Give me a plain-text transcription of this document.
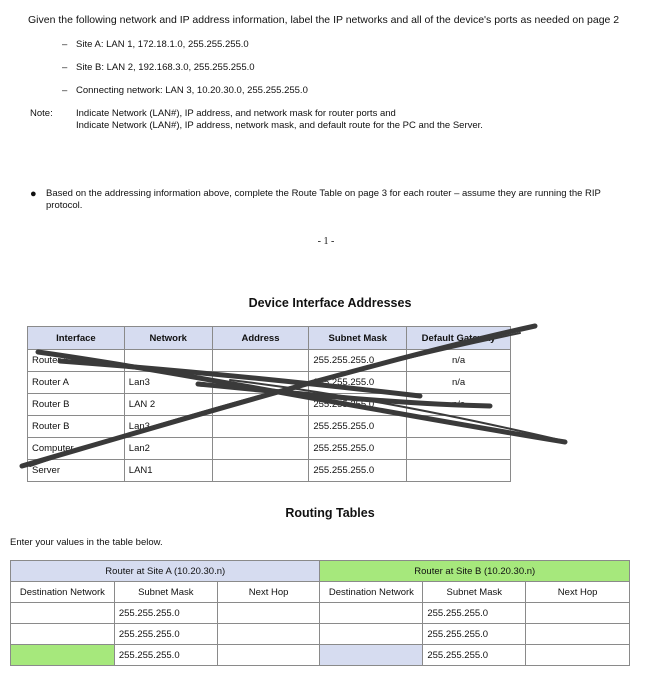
Given the following network and IP address information, label the IP networks and all of the device's ports as needed on page 2
– Site A: LAN 1, 172.18.1.0, 255.255.255.0
– Site B: LAN 2, 192.168.3.0, 255.255.255.0
– Connecting network: LAN 3, 10.20.30.0, 255.255.255.0
Note: Indicate Network (LAN#), IP address, and network mask for router ports and
Indicate Network (LAN#), IP address, network mask, and default route for the PC and the Server.
● Based on the addressing information above, complete the Route Table on page 3 for each router – assume they are running the RIP protocol.
- 1 -
Device Interface Addresses
Interface	Network	Address	Subnet Mask	Default Gateway
Router A			255.255.255.0	n/a
Router A	Lan3		255.255.255.0	n/a
Router B	LAN 2		255.255.255.0	n/a
Router B	Lan3		255.255.255.0	
Computer	Lan2		255.255.255.0	
Server	LAN1		255.255.255.0	
Routing Tables
Enter your values in the table below.
Router at Site A (10.20.30.n)			Router at Site B (10.20.30.n)		
Destination Network	Subnet Mask	Next Hop	Destination Network	Subnet Mask	Next Hop
	255.255.255.0			255.255.255.0	
	255.255.255.0			255.255.255.0	
	255.255.255.0			255.255.255.0	
